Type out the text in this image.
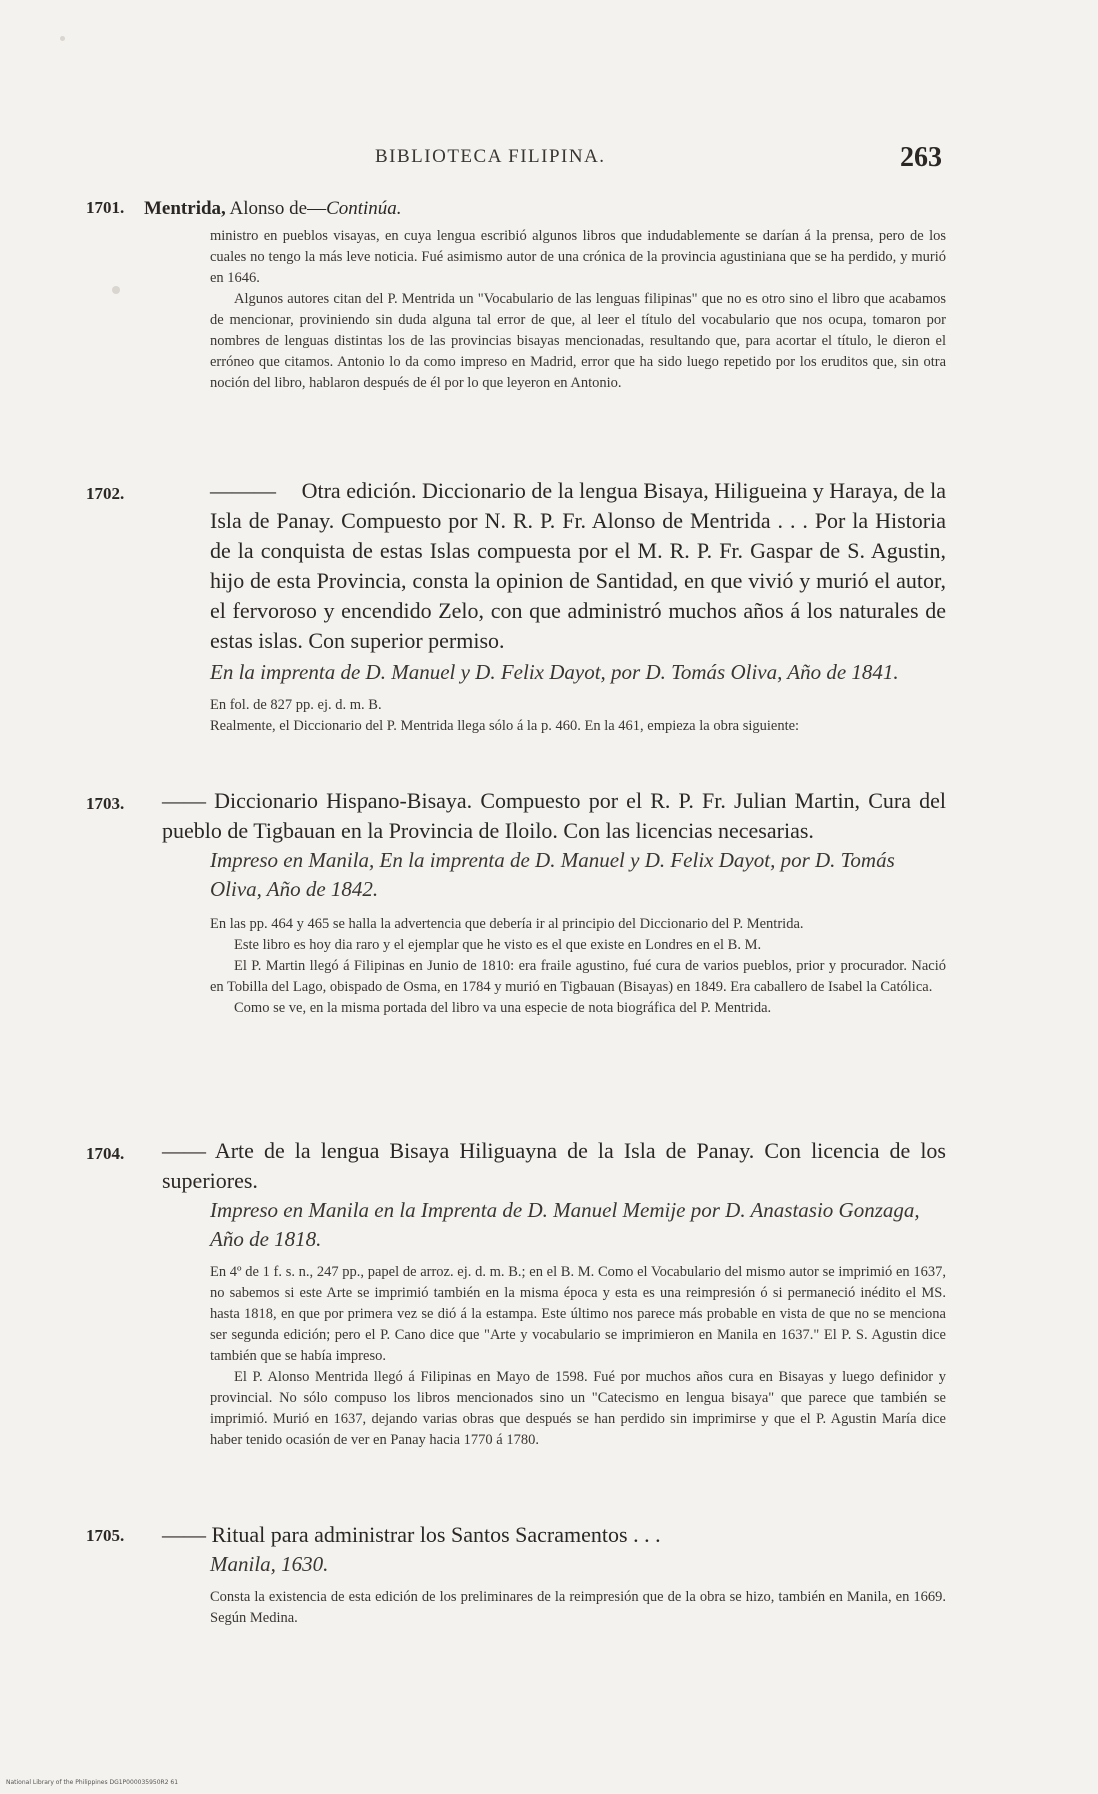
BIBLIOTECA FILIPINA.	263
1701.	Mentrida, Alonso de—Continúa.

ministro en pueblos visayas, en cuya lengua escribió algunos libros que indudablemente se darían á la prensa, pero de los cuales no tengo la más leve noticia. Fué asimismo autor de una crónica de la provincia agustiniana que se ha perdido, y murió en 1646.

Algunos autores citan del P. Mentrida un "Vocabulario de las lenguas filipinas" que no es otro sino el libro que acabamos de mencionar, proviniendo sin duda alguna tal error de que, al leer el título del vocabulario que nos ocupa, tomaron por nombres de lenguas distintas los de las provincias bisayas mencionadas, resultando que, para acortar el título, le dieron el erróneo que citamos. Antonio lo da como impreso en Madrid, error que ha sido luego repetido por los eruditos que, sin otra noción del libro, hablaron después de él por lo que leyeron en Antonio.

1702.	——— Otra edición. Diccionario de la lengua Bisaya, Hiligueina y Haraya, de la Isla de Panay. Compuesto por N. R. P. Fr. Alonso de Mentrida . . . Por la Historia de la conquista de estas Islas compuesta por el M. R. P. Fr. Gaspar de S. Agustin, hijo de esta Provincia, consta la opinion de Santidad, en que vivió y murió el autor, el fervoroso y encendido Zelo, con que administró muchos años á los naturales de estas islas. Con superior permiso.
En la imprenta de D. Manuel y D. Felix Dayot, por D. Tomás Oliva, Año de 1841.

En fol. de 827 pp. ej. d. m. B.

Realmente, el Diccionario del P. Mentrida llega sólo á la p. 460. En la 461, empieza la obra siguiente:

1703.	—— Diccionario Hispano-Bisaya. Compuesto por el R. P. Fr. Julian Martin, Cura del pueblo de Tigbauan en la Provincia de Iloilo. Con las licencias necesarias.
Impreso en Manila, En la imprenta de D. Manuel y D. Felix Dayot, por D. Tomás Oliva, Año de 1842.

En las pp. 464 y 465 se halla la advertencia que debería ir al principio del Diccionario del P. Mentrida.

Este libro es hoy dia raro y el ejemplar que he visto es el que existe en Londres en el B. M.

El P. Martin llegó á Filipinas en Junio de 1810: era fraile agustino, fué cura de varios pueblos, prior y procurador. Nació en Tobilla del Lago, obispado de Osma, en 1784 y murió en Tigbauan (Bisayas) en 1849. Era caballero de Isabel la Católica.

Como se ve, en la misma portada del libro va una especie de nota biográfica del P. Mentrida.

1704.	—— Arte de la lengua Bisaya Hiliguayna de la Isla de Panay. Con licencia de los superiores.
Impreso en Manila en la Imprenta de D. Manuel Memije por D. Anastasio Gonzaga, Año de 1818.

En 4º de 1 f. s. n., 247 pp., papel de arroz. ej. d. m. B.; en el B. M. Como el Vocabulario del mismo autor se imprimió en 1637, no sabemos si este Arte se imprimió también en la misma época y esta es una reimpresión ó si permaneció inédito el MS. hasta 1818, en que por primera vez se dió á la estampa. Este último nos parece más probable en vista de que no se menciona ser segunda edición; pero el P. Cano dice que "Arte y vocabulario se imprimieron en Manila en 1637." El P. S. Agustin dice también que se había impreso.

El P. Alonso Mentrida llegó á Filipinas en Mayo de 1598. Fué por muchos años cura en Bisayas y luego definidor y provincial. No sólo compuso los libros mencionados sino un "Catecismo en lengua bisaya" que parece que también se imprimió. Murió en 1637, dejando varias obras que después se han perdido sin imprimirse y que el P. Agustin María dice haber tenido ocasión de ver en Panay hacia 1770 á 1780.

1705.	—— Ritual para administrar los Santos Sacramentos . . .
Manila, 1630.

Consta la existencia de esta edición de los preliminares de la reimpresión que de la obra se hizo, también en Manila, en 1669. Según Medina.

National Library of the Philippines DG1P000035950R2 61
